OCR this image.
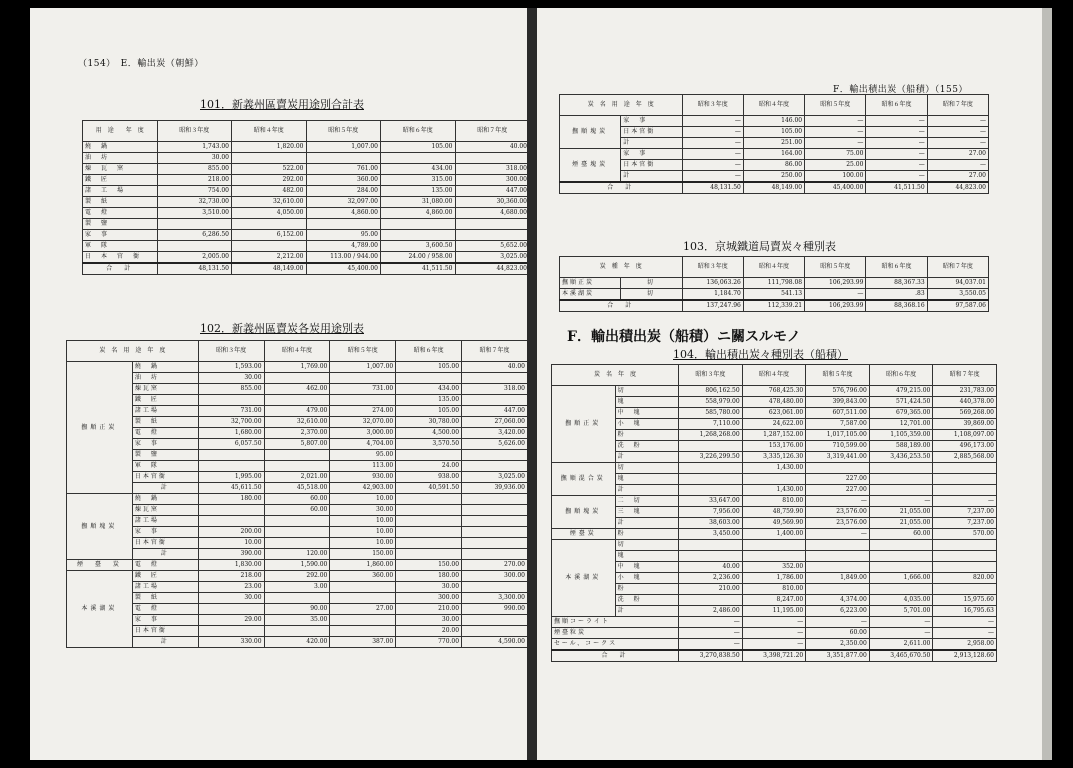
（154）　E．輸出炭（朝鮮）
101．新義州區賣炭用途別合計表
用　途　　年　度	昭和３年度	昭和４年度	昭和５年度	昭和６年度	昭和７年度
燒　鍋	1,743.00	1,820.00	1,007.00	105.00	40.00
油　坊	30.00				
煉　瓦　窯	855.00	522.00	761.00	434.00	318.00
鐵　匠	218.00	292.00	360.00	315.00	300.00
諸　工　場	754.00	482.00	284.00	135.00	447.00
製　紙	32,730.00	32,610.00	32,097.00	31,080.00	30,360.00
電　燈	3,510.00	4,050.00	4,860.00	4,860.00	4,680.00
製　鹽					
家　事	6,286.50	6,152.00	95.00		
軍　隊			4,789.00	3,600.50	5,652.00
日　本　官　衙	2,005.00	2,212.00	113.00 / 944.00	24.00 / 958.00	3,025.00
合　計	48,131.50	48,149.00	45,400.00	41,511.50	44,823.00
102．新義州區賣炭各炭用途別表
炭　名　用　途　年　度		昭和３年度	昭和４年度	昭和５年度	昭和６年度	昭和７年度
撫順正炭	燒　鍋	1,593.00	1,769.00	1,007.00	105.00	40.00
	油　坊	30.00				
	煉瓦窯	855.00	462.00	731.00	434.00	318.00
	鐵　匠				135.00	
	諸工場	731.00	479.00	274.00	105.00	447.00
	製　紙	32,700.00	32,610.00	32,070.00	30,780.00	27,060.00
	電　燈	1,680.00	2,370.00	3,000.00	4,500.00	3,420.00
	家　事	6,057.50	5,807.00	4,704.00	3,570.50	5,626.00
	製　鹽			95.00		
	軍　隊			113.00	24.00	
	日本官衙	1,995.00	2,021.00	930.00	938.00	3,025.00
	計	45,611.50	45,518.00	42,903.00	40,591.50	39,936.00
撫順塊炭	燒　鍋	180.00	60.00	10.00		
	煉瓦窯		60.00	30.00		
	諸工場			10.00		
	家　事	200.00		10.00		
	日本官衙	10.00		10.00		
	計	390.00	120.00	150.00		
煙　臺　炭	電　燈	1,830.00	1,590.00	1,860.00	150.00	270.00
本溪湖炭	鐵　匠	218.00	292.00	360.00	180.00	300.00
	諸工場	23.00	3.00		30.00	
	製　紙	30.00			300.00	3,300.00
	電　燈		90.00	27.00	210.00	990.00
	家　事	29.00	35.00		30.00	
	日本官衙				20.00	
	計	330.00	420.00	387.00	770.00	4,590.00
F．輸出積出炭（船積）（155）
炭　名　用　途　年　度		昭和３年度	昭和４年度	昭和５年度	昭和６年度	昭和７年度
撫順塊炭	家　事	—	146.00	—	—	—
	日本官衙	—	105.00	—	—	—
	計	—	251.00	—	—	—
煙臺塊炭	家　事	—	164.00	75.00	—	27.00
	日本官衙	—	86.00	25.00	—	—
	計	—	250.00	100.00	—	27.00
合　計		48,131.50	48,149.00	45,400.00	41,511.50	44,823.00
103．京城鐵道局賣炭々種別表
炭　種　年　度		昭和３年度	昭和４年度	昭和５年度	昭和６年度	昭和７年度
撫順正炭	切	136,063.26	111,798.08	106,293.99	88,367.33	94,037.01
本溪湖炭	切	1,184.70	541.13	—	.83	3,550.05
合　計		137,247.96	112,339.21	106,293.99	88,368.16	97,587.06
F．輸出積出炭（船積）ニ關スルモノ
104．輸出積出炭々種別表（船積）
炭　名　年　度		昭和３年度	昭和４年度	昭和５年度	昭和６年度	昭和７年度
撫順正炭	切	806,162.50	768,425.30	576,796.00	479,215.00	231,783.00
	塊	558,979.00	478,480.00	399,843.00	571,424.50	440,378.00
	中　塊	585,780.00	623,061.00	607,511.00	679,365.00	569,268.00
	小　塊	7,110.00	24,622.00	7,587.00	12,701.00	39,869.00
	粉	1,268,268.00	1,287,152.00	1,017,105.00	1,105,359.00	1,108,097.00
	洗　粉		153,176.00	710,599.00	588,189.00	496,173.00
	計	3,226,299.50	3,335,126.30	3,319,441.00	3,436,253.50	2,885,568.00
撫順混合炭	切		1,430.00			
	塊			227.00		
	計		1,430.00	227.00		
撫順塊炭	二　切	33,647.00	810.00	—	—	—
	三　塊	7,956.00	48,759.90	23,576.00	21,055.00	7,237.00
	計	38,603.00	49,569.90	23,576.00	21,055.00	7,237.00
煙臺炭	粉	3,450.00	1,400.00	—	60.00	570.00
本溪湖炭	切					
	塊					
	中　塊	40.00	352.00			
	小　塊	2,236.00	1,786.00	1,849.00	1,666.00	820.00
	粉	210.00	810.00			
	洗　粉		8,247.00	4,374.00	4,035.00	15,975.60
	計	2,486.00	11,195.00	6,223.00	5,701.00	16,795.63
撫順コーライト		—	—	—	—	—
煙臺粒炭		—	—	60.00	—	—
セール、コークス		—	—	2,350.00	2,611.00	2,958.00
合　計		3,270,838.50	3,398,721.20	3,351,877.00	3,465,670.50	2,913,128.60
